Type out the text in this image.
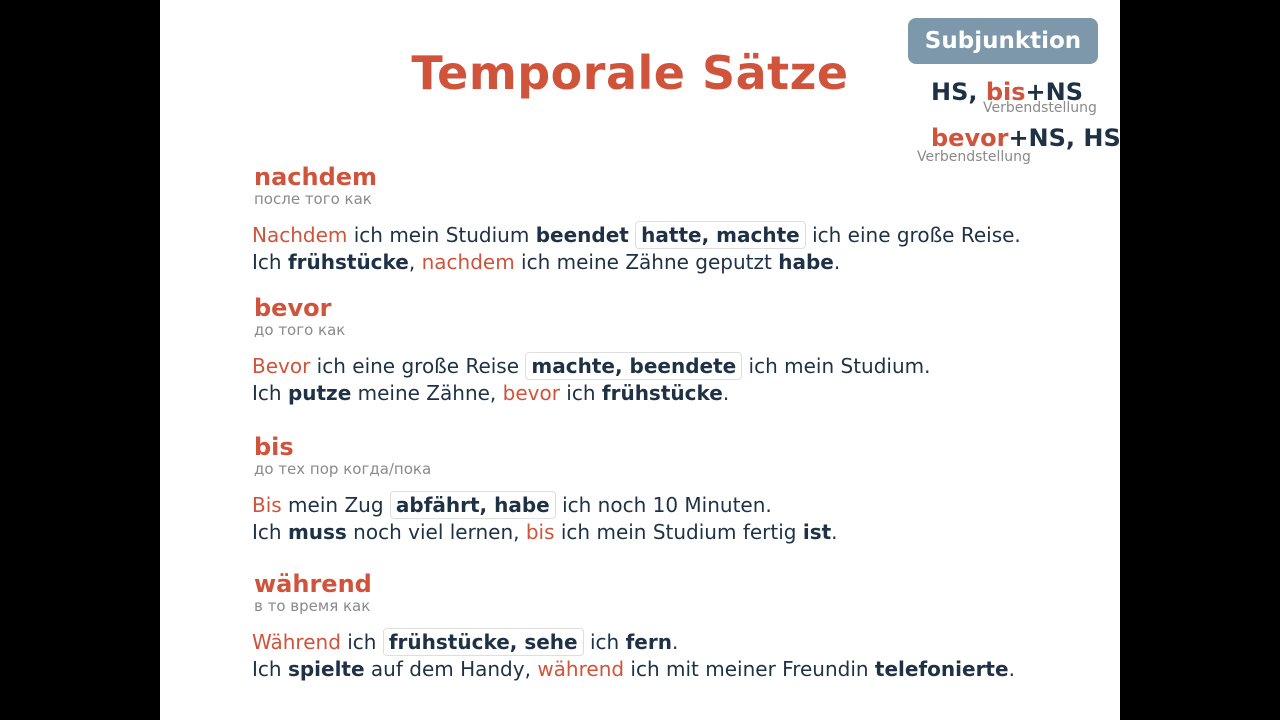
Temporale Sätze
Subjunktion
HS, bis+NS
Verbendstellung
bevor+NS, HS
Verbendstellung
nachdem
после того как
Nachdem ich mein Studium beendet hatte, machte ich eine große Reise.
Ich frühstücke, nachdem ich meine Zähne geputzt habe.
bevor
до того как
Bevor ich eine große Reise machte, beendete ich mein Studium.
Ich putze meine Zähne, bevor ich frühstücke.
bis
до тех пор когда/пока
Bis mein Zug abfährt, habe ich noch 10 Minuten.
Ich muss noch viel lernen, bis ich mein Studium fertig ist.
während
в то время как
Während ich frühstücke, sehe ich fern.
Ich spielte auf dem Handy, während ich mit meiner Freundin telefonierte.
